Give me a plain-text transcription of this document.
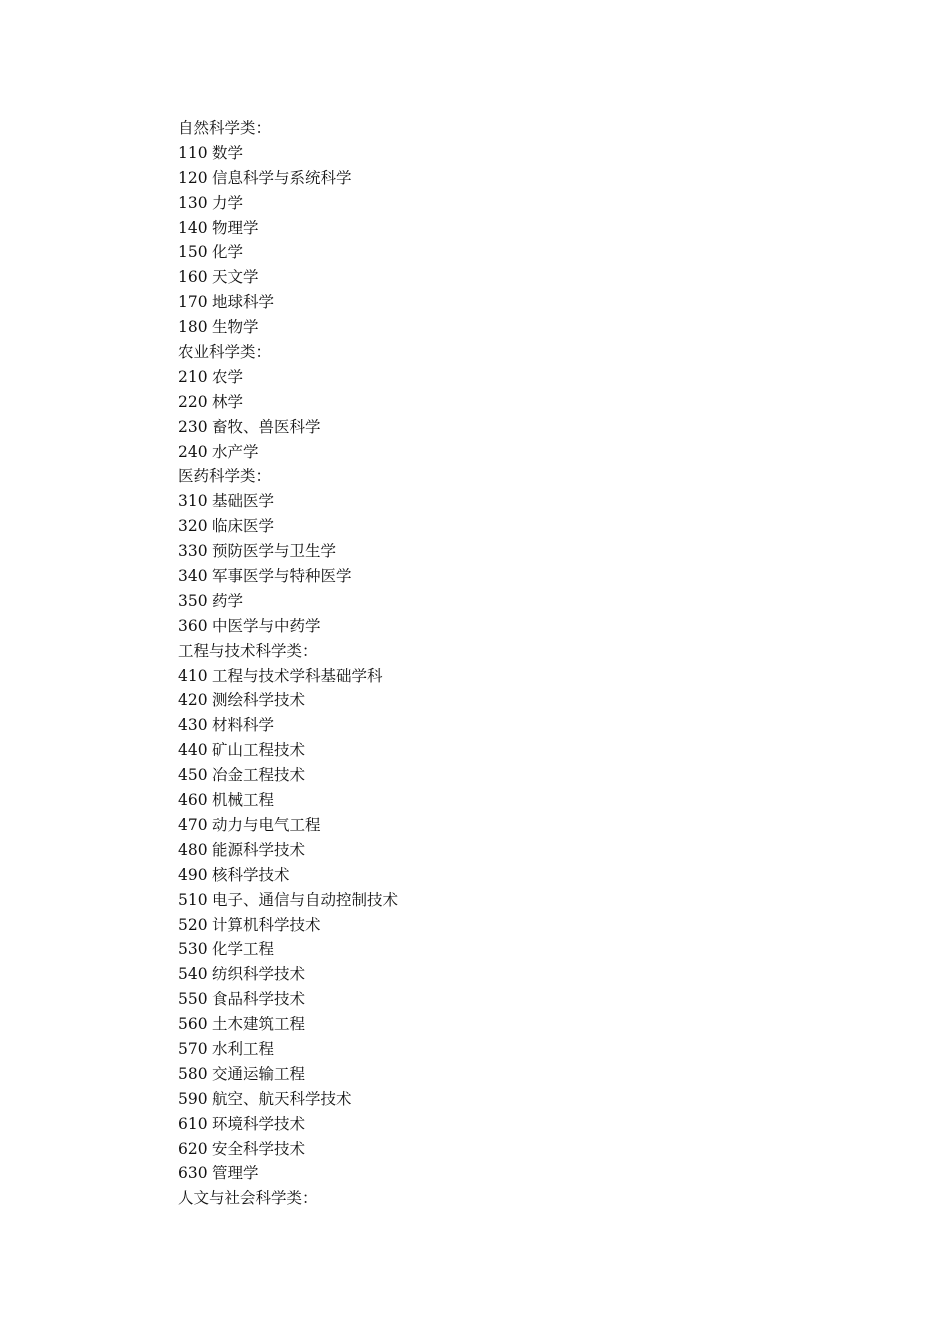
自然科学类：
110 数学
120 信息科学与系统科学
130 力学
140 物理学
150 化学
160 天文学
170 地球科学
180 生物学
农业科学类：
210 农学
220 林学
230 畜牧、兽医科学
240 水产学
医药科学类：
310 基础医学
320 临床医学
330 预防医学与卫生学
340 军事医学与特种医学
350 药学
360 中医学与中药学
工程与技术科学类：
410 工程与技术学科基础学科
420 测绘科学技术
430 材料科学
440 矿山工程技术
450 冶金工程技术
460 机械工程
470 动力与电气工程
480 能源科学技术
490 核科学技术
510 电子、通信与自动控制技术
520 计算机科学技术
530 化学工程
540 纺织科学技术
550 食品科学技术
560 土木建筑工程
570 水利工程
580 交通运输工程
590 航空、航天科学技术
610 环境科学技术
620 安全科学技术
630 管理学
人文与社会科学类：
